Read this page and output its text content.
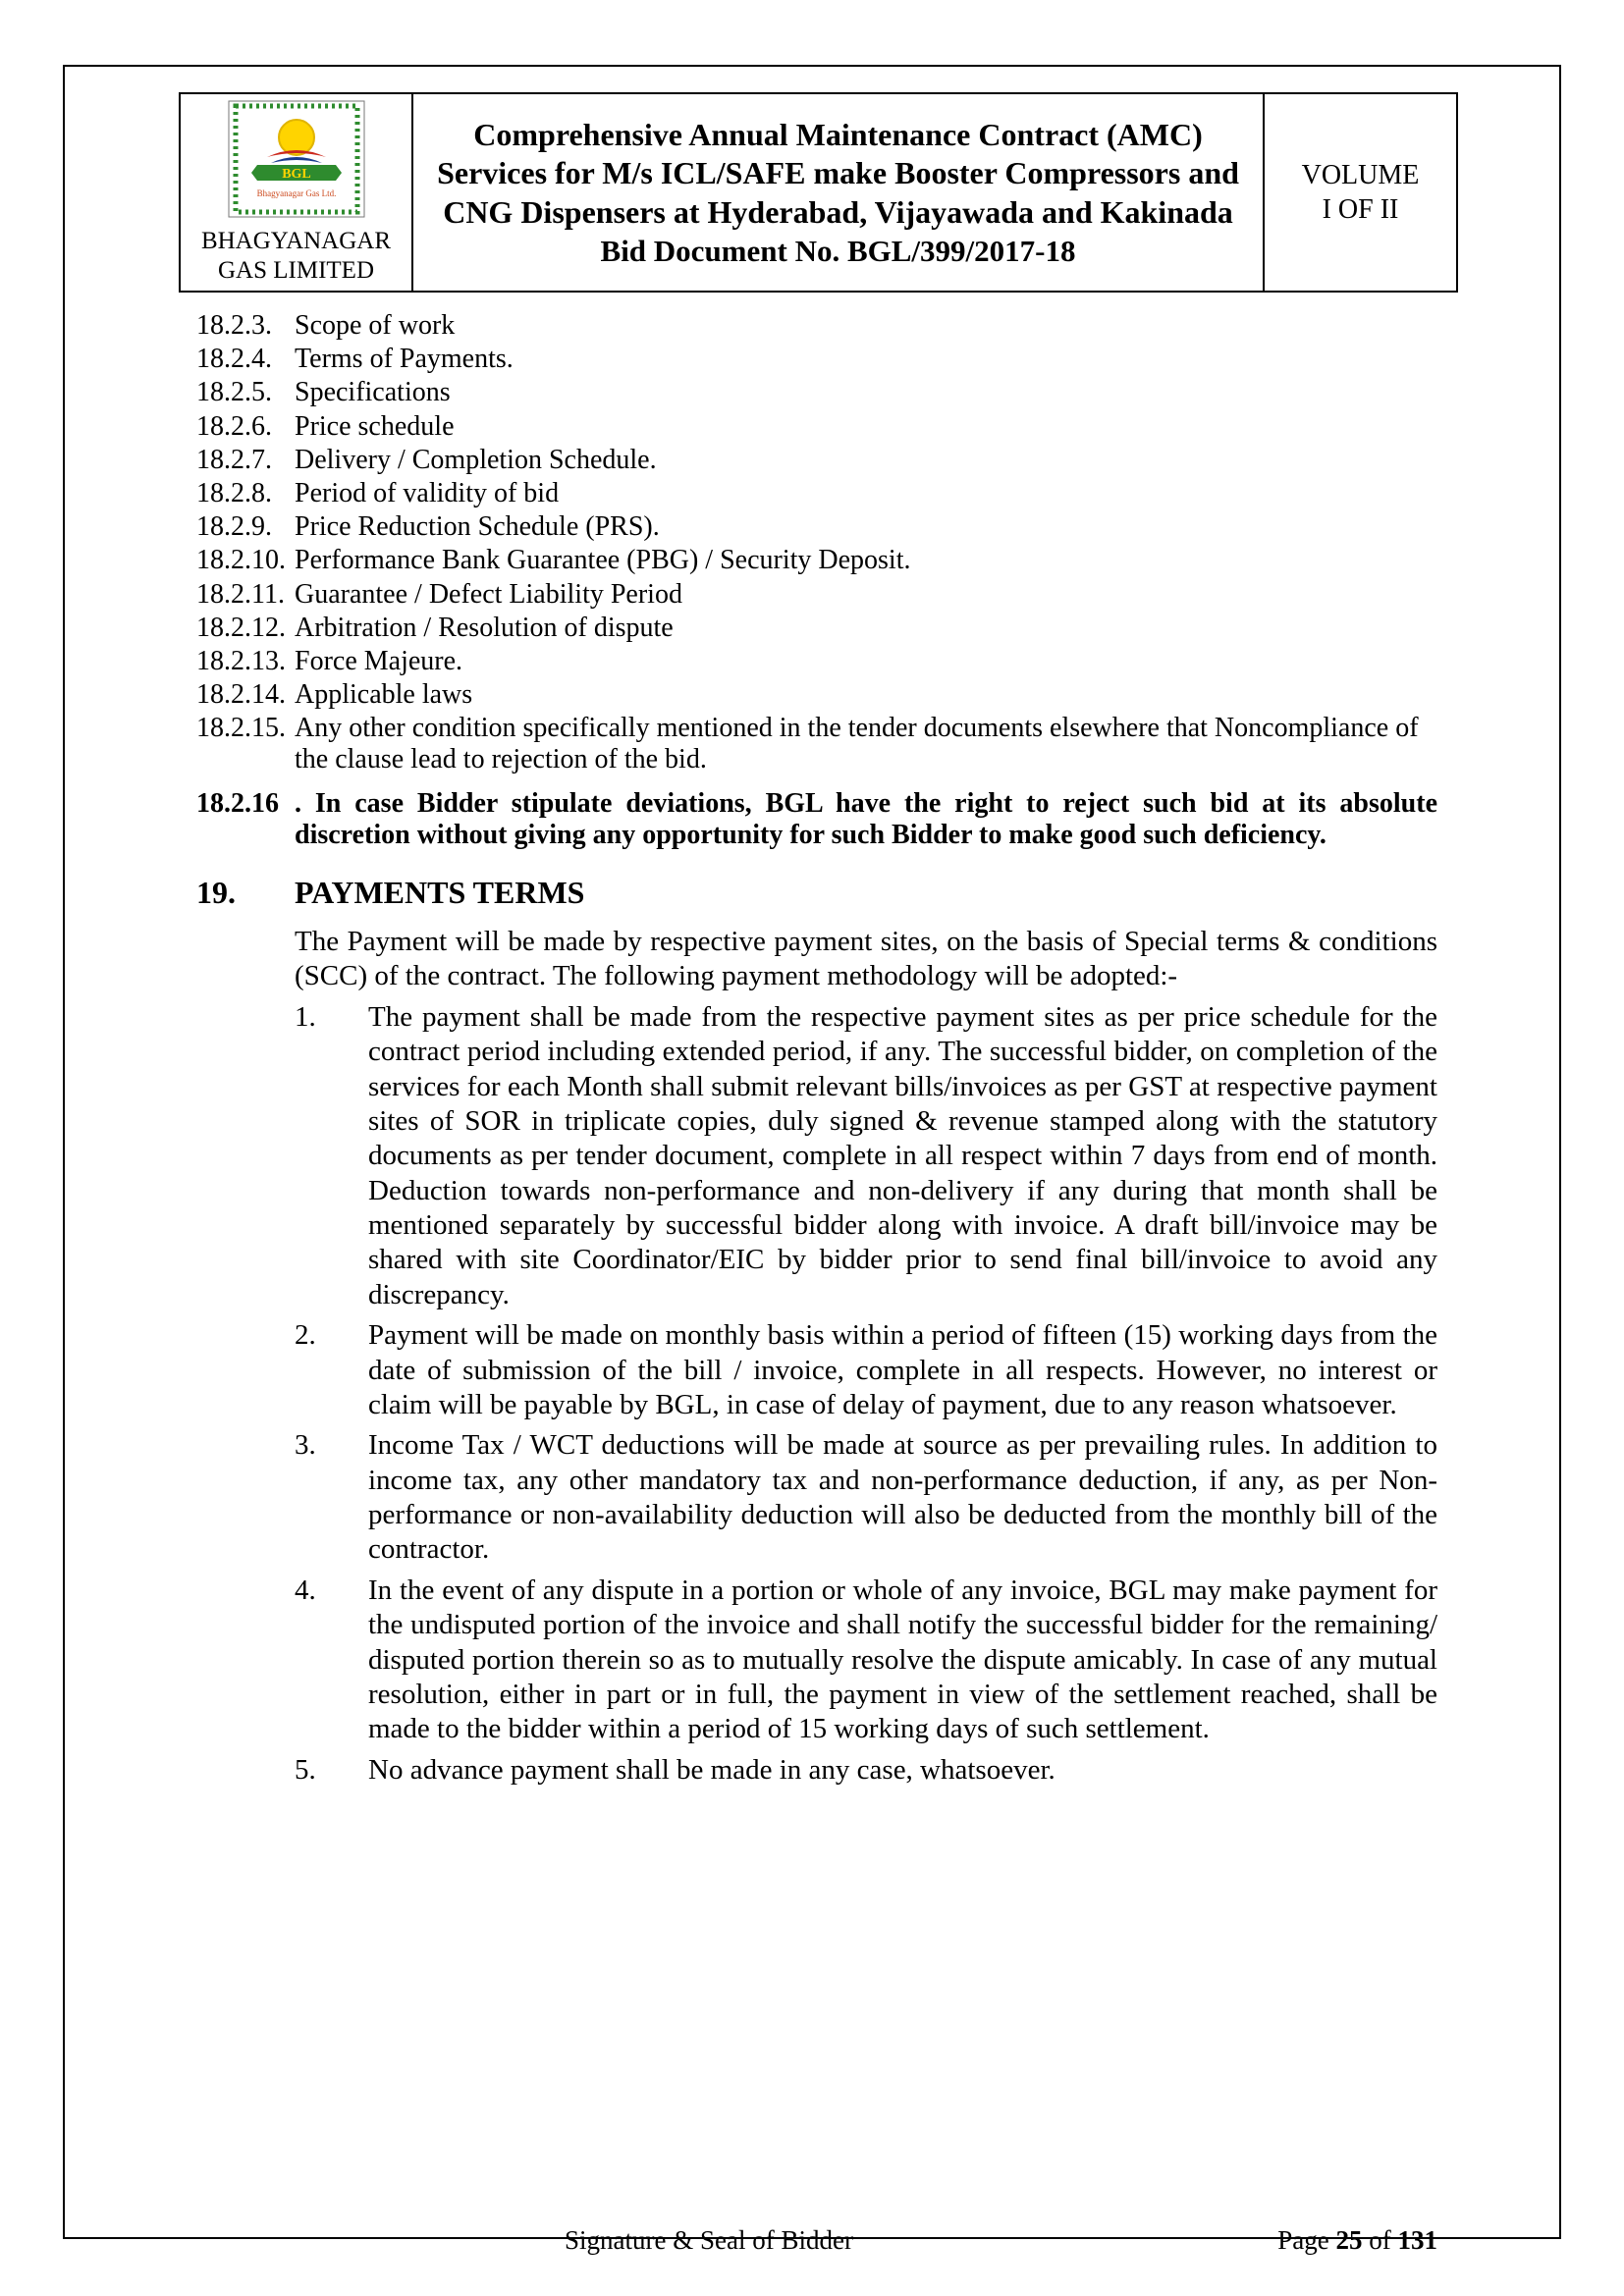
BGL
Bhagyanagar Gas Ltd.
BHAGYANAGAR
GAS LIMITED

Comprehensive Annual Maintenance Contract (AMC) Services for M/s ICL/SAFE make Booster Compressors and CNG Dispensers at Hyderabad, Vijayawada and Kakinada
Bid Document No. BGL/399/2017-18

VOLUME
I OF II
18.2.3. Scope of work
18.2.4. Terms of Payments.
18.2.5. Specifications
18.2.6. Price schedule
18.2.7. Delivery / Completion Schedule.
18.2.8. Period of validity of bid
18.2.9. Price Reduction Schedule (PRS).
18.2.10. Performance Bank Guarantee (PBG) / Security Deposit.
18.2.11. Guarantee / Defect Liability Period
18.2.12. Arbitration / Resolution of dispute
18.2.13. Force Majeure.
18.2.14. Applicable laws
18.2.15. Any other condition specifically mentioned in the tender documents elsewhere that Noncompliance of the clause lead to rejection of the bid.
18.2.16 . In case Bidder stipulate deviations, BGL have the right to reject such bid at its absolute discretion without giving any opportunity for such Bidder to make good such deficiency.
19. PAYMENTS TERMS

The Payment will be made by respective payment sites, on the basis of Special terms & conditions (SCC) of the contract. The following payment methodology will be adopted:-

1. The payment shall be made from the respective payment sites as per price schedule for the contract period including extended period, if any. The successful bidder, on completion of the services for each Month shall submit relevant bills/invoices as per GST at respective payment sites of SOR in triplicate copies, duly signed & revenue stamped along with the statutory documents as per tender document, complete in all respect within 7 days from end of month. Deduction towards non-performance and non-delivery if any during that month shall be mentioned separately by successful bidder along with invoice. A draft bill/invoice may be shared with site Coordinator/EIC by bidder prior to send final bill/invoice to avoid any discrepancy.
2. Payment will be made on monthly basis within a period of fifteen (15) working days from the date of submission of the bill / invoice, complete in all respects. However, no interest or claim will be payable by BGL, in case of delay of payment, due to any reason whatsoever.
3. Income Tax / WCT deductions will be made at source as per prevailing rules. In addition to income tax, any other mandatory tax and non-performance deduction, if any, as per Non-performance or non-availability deduction will also be deducted from the monthly bill of the contractor.
4. In the event of any dispute in a portion or whole of any invoice, BGL may make payment for the undisputed portion of the invoice and shall notify the successful bidder for the remaining/ disputed portion therein so as to mutually resolve the dispute amicably. In case of any mutual resolution, either in part or in full, the payment in view of the settlement reached, shall be made to the bidder within a period of 15 working days of such settlement.
5. No advance payment shall be made in any case, whatsoever.
Signature & Seal of Bidder	Page 25 of 131
